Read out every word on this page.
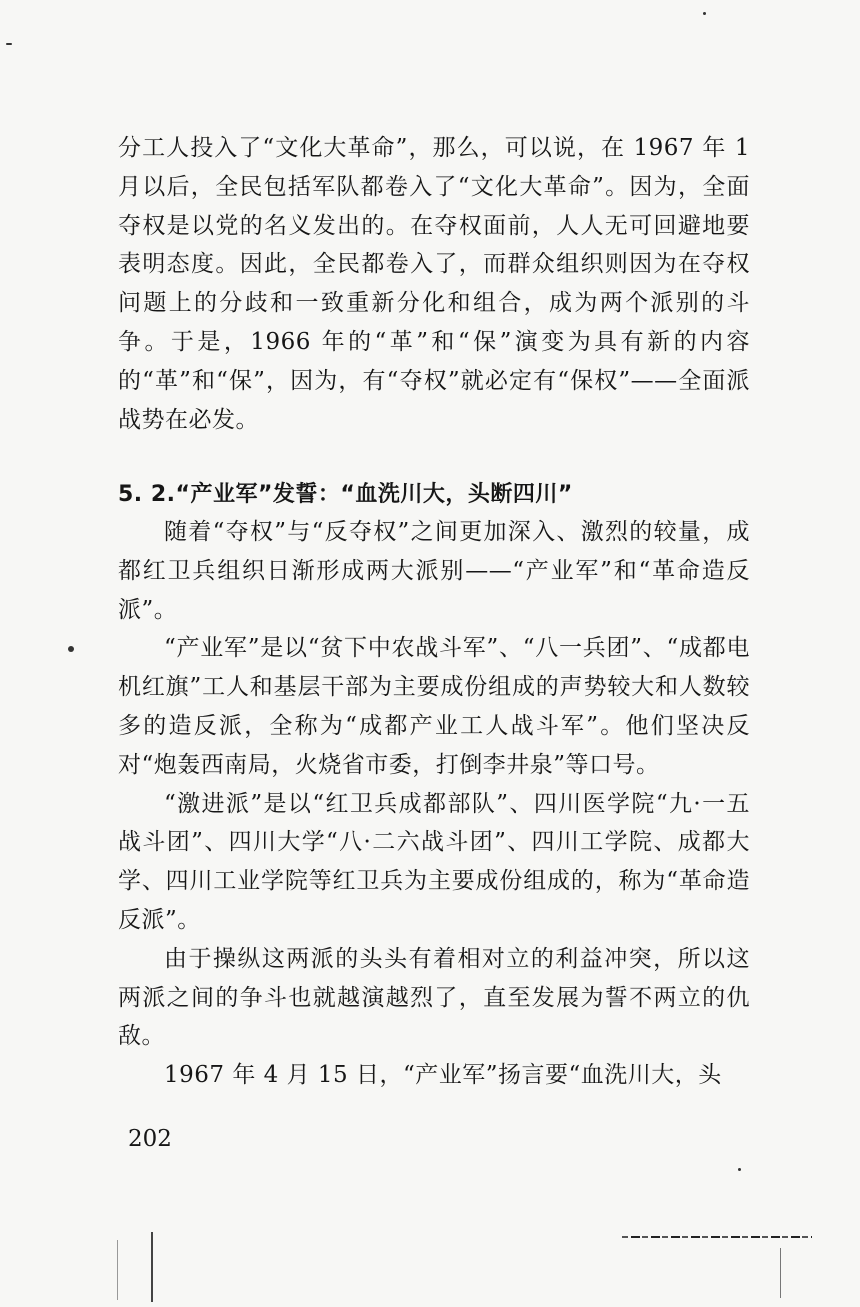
分工人投入了“文化大革命”，那么，可以说，在 1967 年 1 月以后，全民包括军队都卷入了“文化大革命”。因为，全面夺权是以党的名义发出的。在夺权面前，人人无可回避地要表明态度。因此，全民都卷入了，而群众组织则因为在夺权问题上的分歧和一致重新分化和组合，成为两个派别的斗争。于是，1966 年的“革”和“保”演变为具有新的内容的“革”和“保”，因为，有“夺权”就必定有“保权”——全面派战势在必发。

5. 2.“产业军”发誓：“血洗川大，头断四川”

随着“夺权”与“反夺权”之间更加深入、激烈的较量，成都红卫兵组织日渐形成两大派别——“产业军”和“革命造反派”。

“产业军”是以“贫下中农战斗军”、“八一兵团”、“成都电机红旗”工人和基层干部为主要成份组成的声势较大和人数较多的造反派，全称为“成都产业工人战斗军”。他们坚决反对“炮轰西南局，火烧省市委，打倒李井泉”等口号。

“激进派”是以“红卫兵成都部队”、四川医学院“九·一五战斗团”、四川大学“八·二六战斗团”、四川工学院、成都大学、四川工业学院等红卫兵为主要成份组成的，称为“革命造反派”。

由于操纵这两派的头头有着相对立的利益冲突，所以这两派之间的争斗也就越演越烈了，直至发展为誓不两立的仇敌。

1967 年 4 月 15 日，“产业军”扬言要“血洗川大，头

202
